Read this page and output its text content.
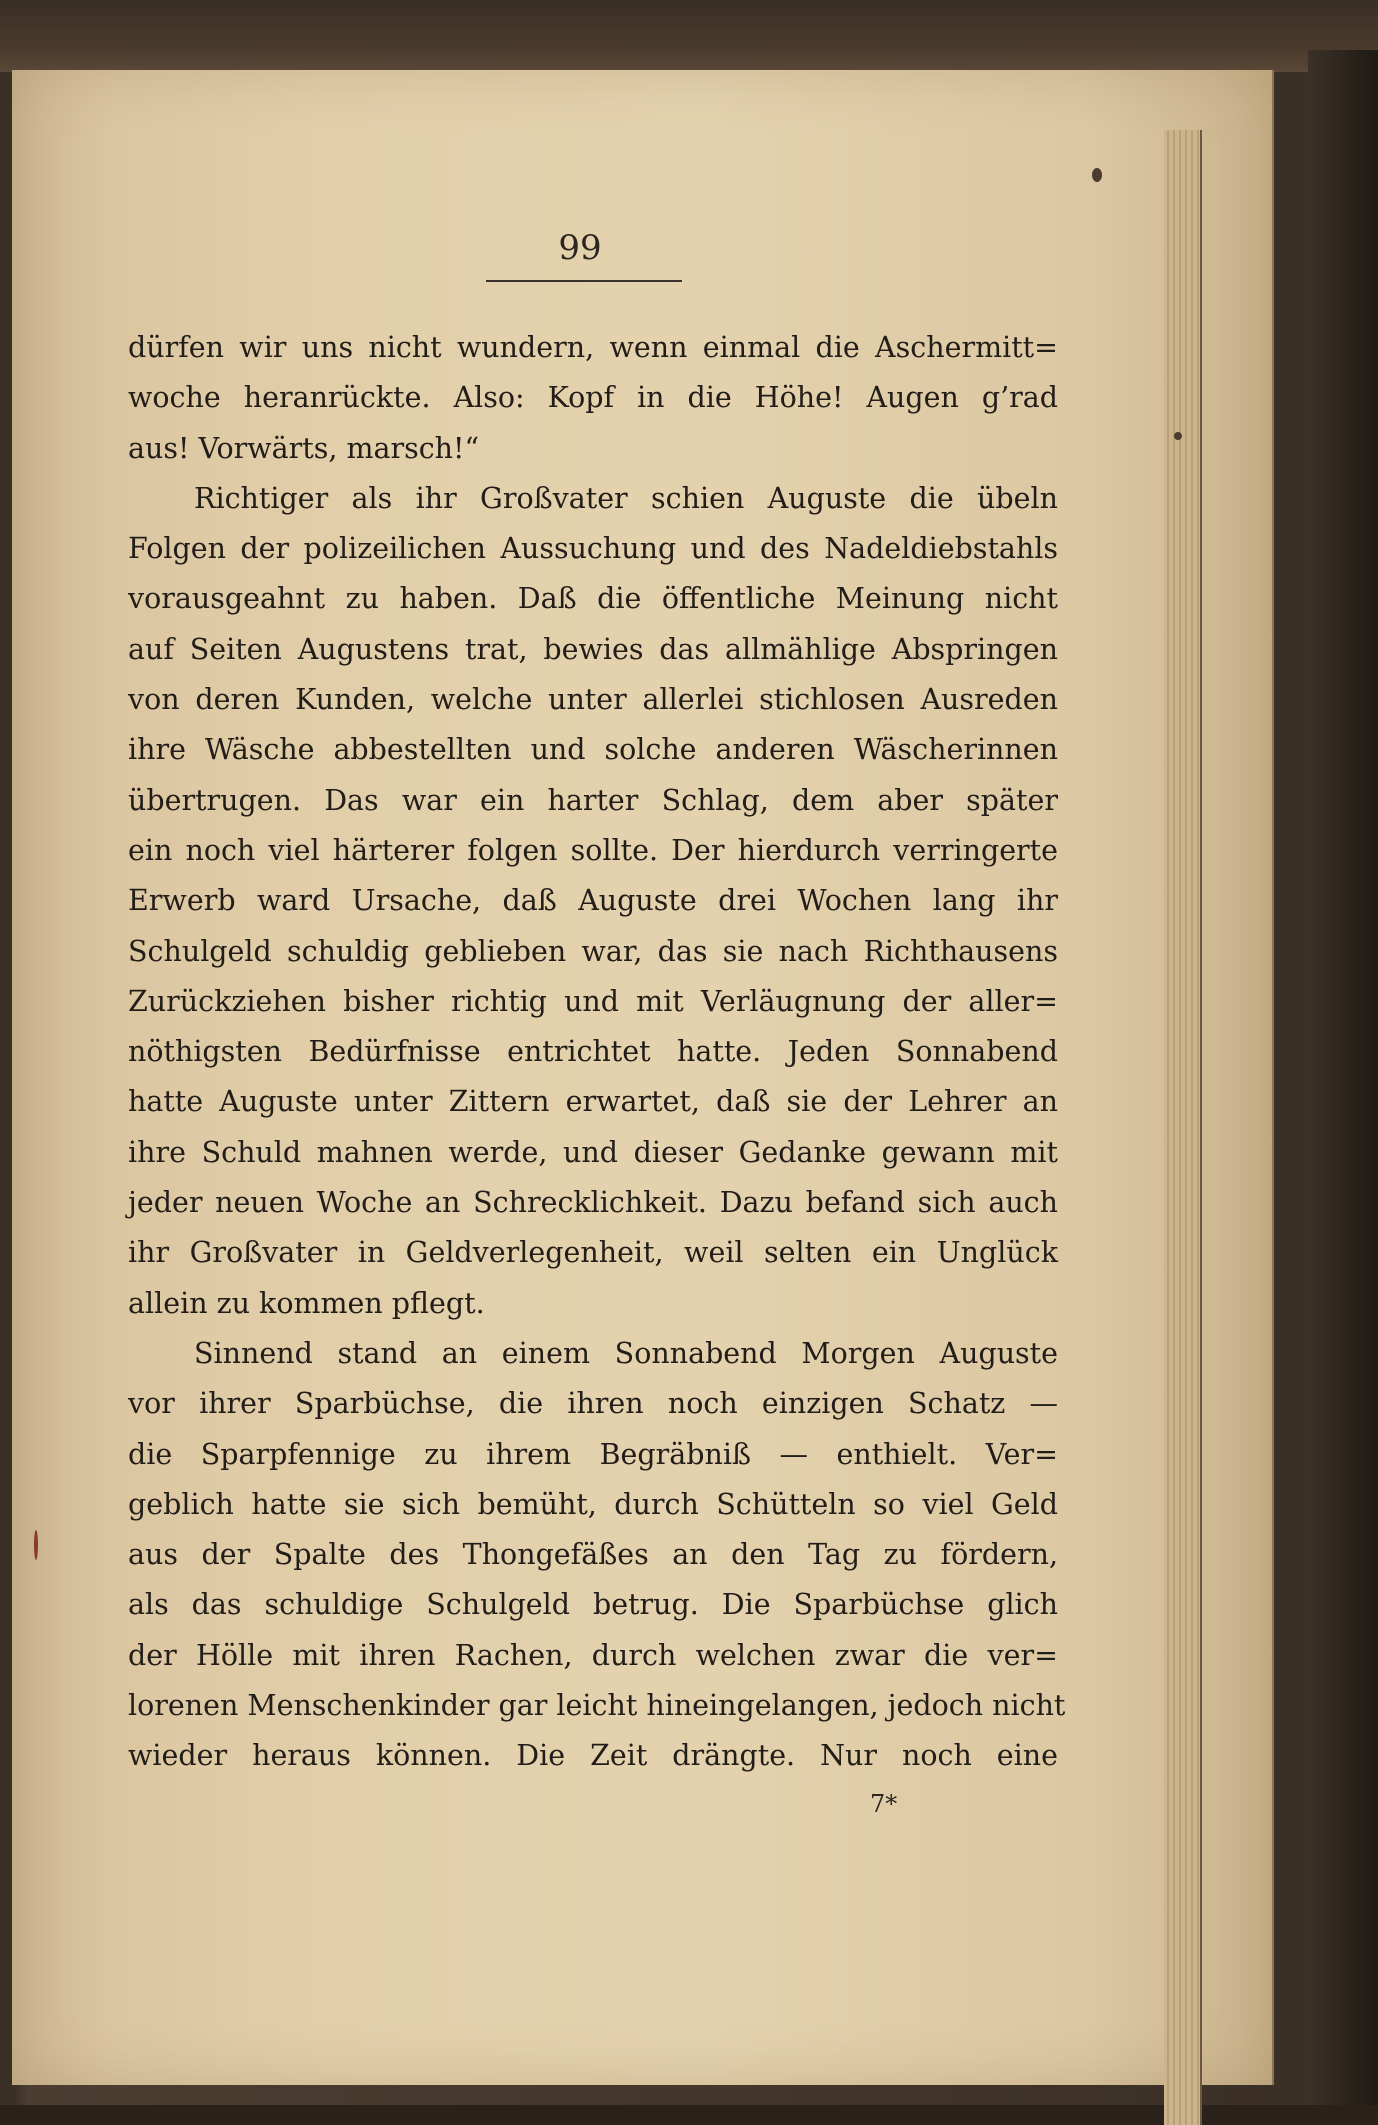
99
dürfen wir uns nicht wundern, wenn einmal die Aschermitt=
woche heranrückte. Also: Kopf in die Höhe! Augen g’rad
aus! Vorwärts, marsch!“
Richtiger als ihr Großvater schien Auguste die übeln
Folgen der polizeilichen Aussuchung und des Nadeldiebstahls
vorausgeahnt zu haben. Daß die öffentliche Meinung nicht
auf Seiten Augustens trat, bewies das allmählige Abspringen
von deren Kunden, welche unter allerlei stichlosen Ausreden
ihre Wäsche abbestellten und solche anderen Wäscherinnen
übertrugen. Das war ein harter Schlag, dem aber später
ein noch viel härterer folgen sollte. Der hierdurch verringerte
Erwerb ward Ursache, daß Auguste drei Wochen lang ihr
Schulgeld schuldig geblieben war, das sie nach Richthausens
Zurückziehen bisher richtig und mit Verläugnung der aller=
nöthigsten Bedürfnisse entrichtet hatte. Jeden Sonnabend
hatte Auguste unter Zittern erwartet, daß sie der Lehrer an
ihre Schuld mahnen werde, und dieser Gedanke gewann mit
jeder neuen Woche an Schrecklichkeit. Dazu befand sich auch
ihr Großvater in Geldverlegenheit, weil selten ein Unglück
allein zu kommen pflegt.
Sinnend stand an einem Sonnabend Morgen Auguste
vor ihrer Sparbüchse, die ihren noch einzigen Schatz —
die Sparpfennige zu ihrem Begräbniß — enthielt. Ver=
geblich hatte sie sich bemüht, durch Schütteln so viel Geld
aus der Spalte des Thongefäßes an den Tag zu fördern,
als das schuldige Schulgeld betrug. Die Sparbüchse glich
der Hölle mit ihren Rachen, durch welchen zwar die ver=
lorenen Menschenkinder gar leicht hineingelangen, jedoch nicht
wieder heraus können. Die Zeit drängte. Nur noch eine
7*
